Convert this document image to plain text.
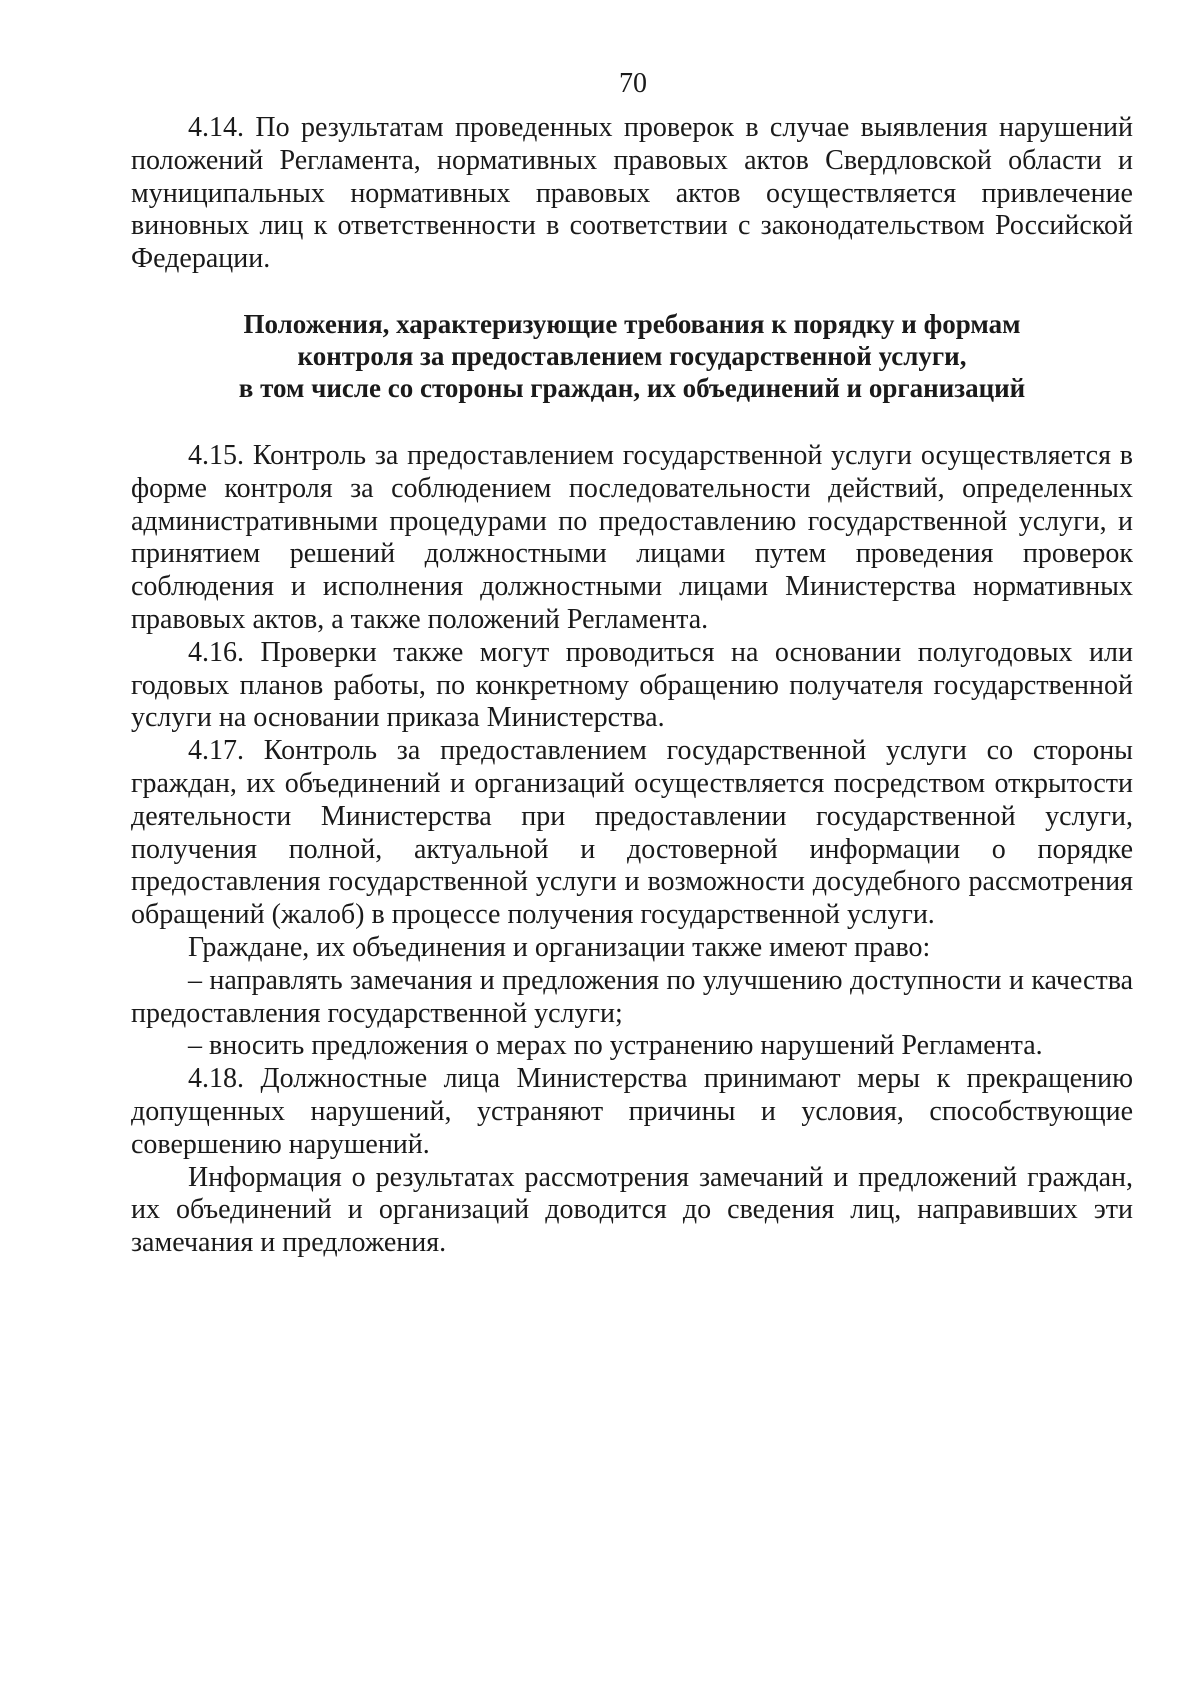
70

4.14. По результатам проведенных проверок в случае выявления нарушений положений Регламента, нормативных правовых актов Свердловской области и муниципальных нормативных правовых актов осуществляется привлечение виновных лиц к ответственности в соответствии с законодательством Российской Федерации.

Положения, характеризующие требования к порядку и формам
контроля за предоставлением государственной услуги,
в том числе со стороны граждан, их объединений и организаций

4.15. Контроль за предоставлением государственной услуги осуществляется в форме контроля за соблюдением последовательности действий, определенных административными процедурами по предоставлению государственной услуги, и принятием решений должностными лицами путем проведения проверок соблюдения и исполнения должностными лицами Министерства нормативных правовых актов, а также положений Регламента.

4.16. Проверки также могут проводиться на основании полугодовых или годовых планов работы, по конкретному обращению получателя государственной услуги на основании приказа Министерства.

4.17. Контроль за предоставлением государственной услуги со стороны граждан, их объединений и организаций осуществляется посредством открытости деятельности Министерства при предоставлении государственной услуги, получения полной, актуальной и достоверной информации о порядке предоставления государственной услуги и возможности досудебного рассмотрения обращений (жалоб) в процессе получения государственной услуги.

Граждане, их объединения и организации также имеют право:

– направлять замечания и предложения по улучшению доступности и качества предоставления государственной услуги;

– вносить предложения о мерах по устранению нарушений Регламента.

4.18. Должностные лица Министерства принимают меры к прекращению допущенных нарушений, устраняют причины и условия, способствующие совершению нарушений.

Информация о результатах рассмотрения замечаний и предложений граждан, их объединений и организаций доводится до сведения лиц, направивших эти замечания и предложения.
